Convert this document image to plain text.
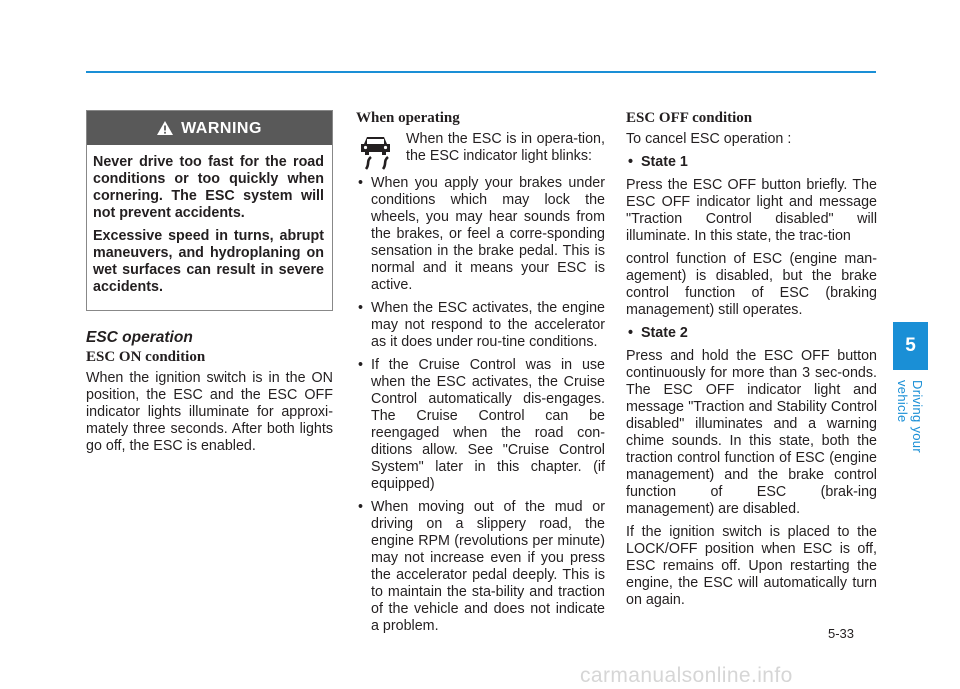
WARNING

Never drive too fast for the road conditions or too quickly when cornering. The ESC system will not prevent accidents.

Excessive speed in turns, abrupt maneuvers, and hydroplaning on wet surfaces can result in severe accidents.

ESC operation
ESC ON condition

When the ignition switch is in the ON position, the ESC and the ESC OFF indicator lights illuminate for approxi-mately three seconds. After both lights go off, the ESC is enabled.

When operating

When the ESC is in opera-tion, the ESC indicator light blinks:

• When you apply your brakes under conditions which may lock the wheels, you may hear sounds from the brakes, or feel a corre-sponding sensation in the brake pedal. This is normal and it means your ESC is active.
• When the ESC activates, the engine may not respond to the accelerator as it does under rou-tine conditions.
• If the Cruise Control was in use when the ESC activates, the Cruise Control automatically dis-engages. The Cruise Control can be reengaged when the road con-ditions allow. See "Cruise Control System" later in this chapter. (if equipped)
• When moving out of the mud or driving on a slippery road, the engine RPM (revolutions per minute) may not increase even if you press the accelerator pedal deeply. This is to maintain the sta-bility and traction of the vehicle and does not indicate a problem.
ESC OFF condition

To cancel ESC operation :

• State 1

Press the ESC OFF button briefly. The ESC OFF indicator light and message "Traction Control disabled" will illuminate. In this state, the trac-tion

control function of ESC (engine man-agement) is disabled, but the brake control function of ESC (braking management) still operates.

• State 2

Press and hold the ESC OFF button continuously for more than 3 sec-onds. The ESC OFF indicator light and message "Traction and Stability Control disabled" illuminates and a warning chime sounds. In this state, both the traction control function of ESC (engine management) and the brake control function of ESC (brak-ing management) are disabled.

If the ignition switch is placed to the LOCK/OFF position when ESC is off, ESC remains off. Upon restarting the engine, the ESC will automatically turn on again.

5
Driving your vehicle
5-33
carmanualsonline.info
